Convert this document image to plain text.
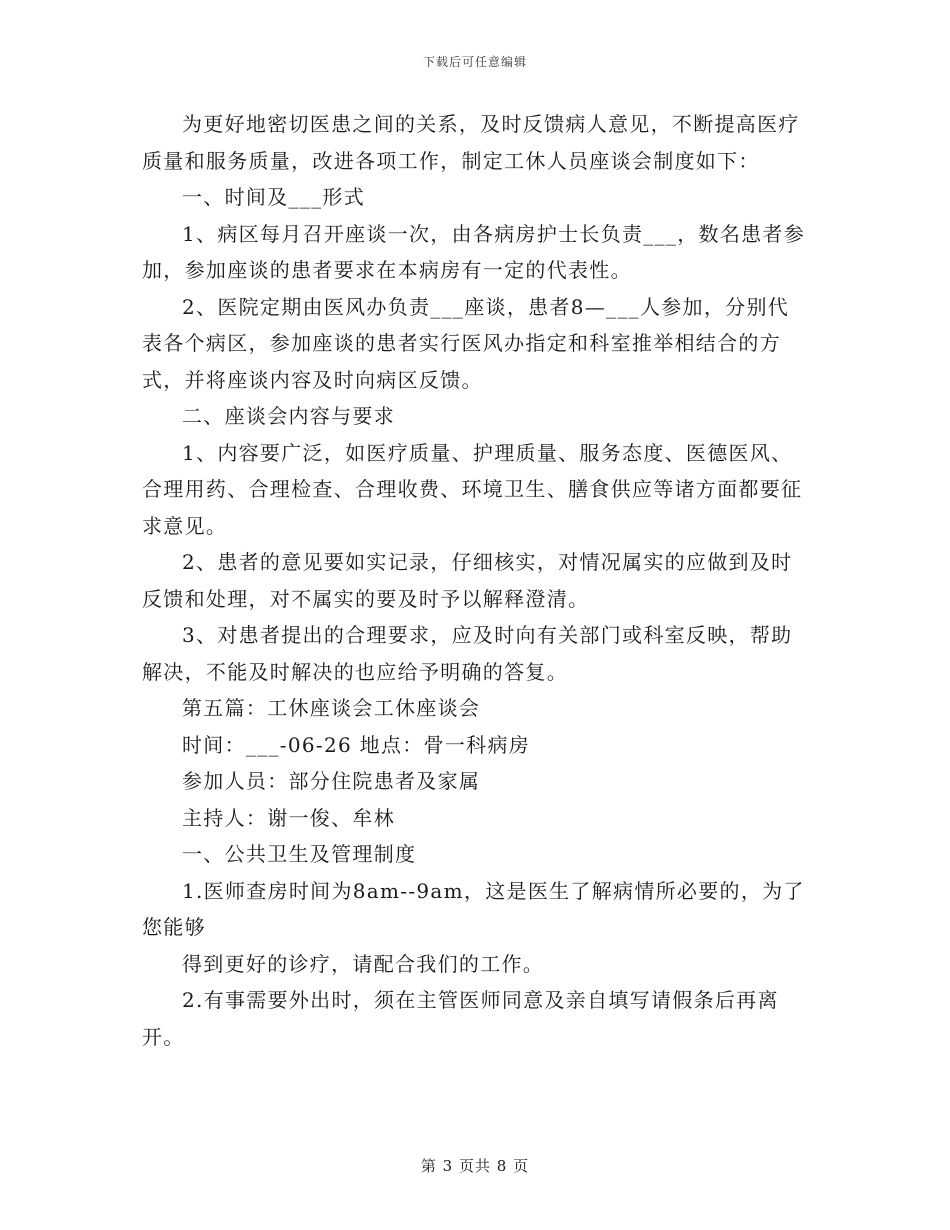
下载后可任意编辑

为更好地密切医患之间的关系，及时反馈病人意见，不断提高医疗质量和服务质量，改进各项工作，制定工休人员座谈会制度如下：

一、时间及___形式

1、病区每月召开座谈一次，由各病房护士长负责___，数名患者参加，参加座谈的患者要求在本病房有一定的代表性。

2、医院定期由医风办负责___座谈，患者8—___人参加，分别代表各个病区，参加座谈的患者实行医风办指定和科室推举相结合的方式，并将座谈内容及时向病区反馈。

二、座谈会内容与要求

1、内容要广泛，如医疗质量、护理质量、服务态度、医德医风、合理用药、合理检查、合理收费、环境卫生、膳食供应等诸方面都要征求意见。

2、患者的意见要如实记录，仔细核实，对情况属实的应做到及时反馈和处理，对不属实的要及时予以解释澄清。

3、对患者提出的合理要求，应及时向有关部门或科室反映，帮助解决，不能及时解决的也应给予明确的答复。

第五篇：工休座谈会工休座谈会

时间：___-06-26 地点：骨一科病房

参加人员：部分住院患者及家属

主持人：谢一俊、牟林

一、公共卫生及管理制度

1.医师查房时间为8am--9am，这是医生了解病情所必要的，为了您能够

得到更好的诊疗，请配合我们的工作。

2.有事需要外出时，须在主管医师同意及亲自填写请假条后再离开。

第 3 页共 8 页
